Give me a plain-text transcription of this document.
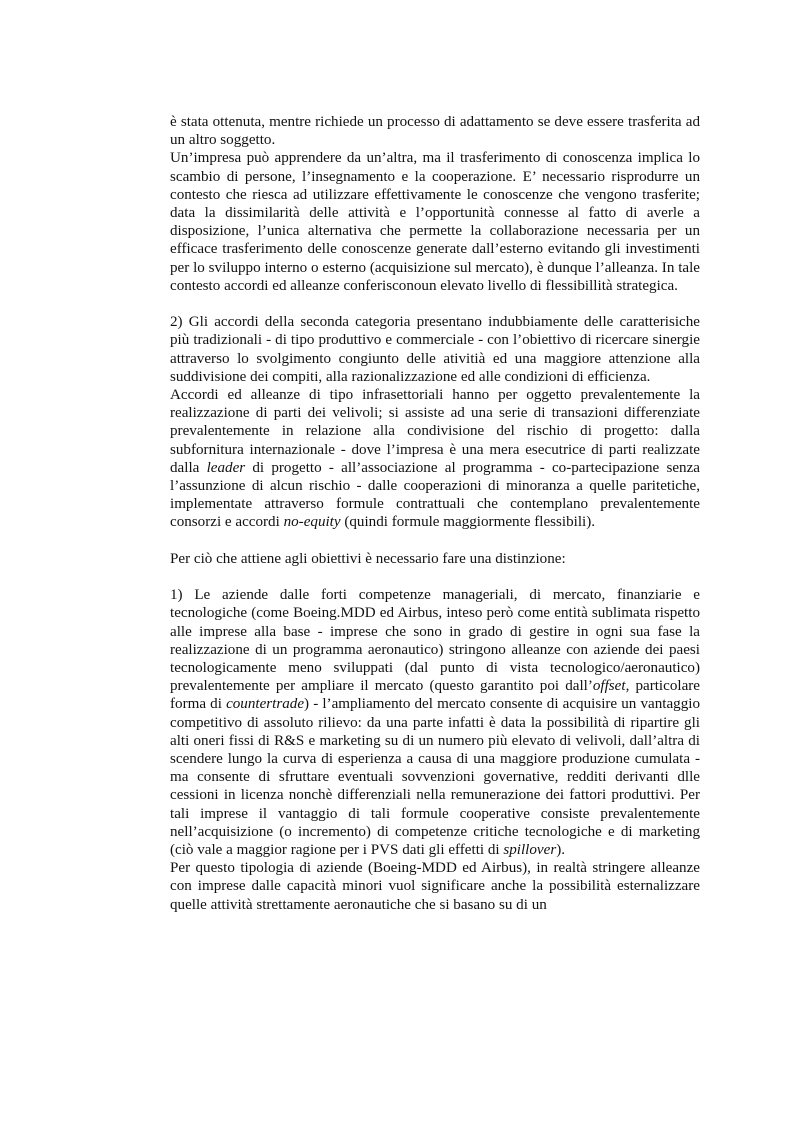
è stata ottenuta, mentre richiede un processo di adattamento se deve essere trasferita ad un altro soggetto.

Un’impresa può apprendere da un’altra, ma il trasferimento di conoscenza implica lo scambio di persone, l’insegnamento e la cooperazione. E’ necessario risprodurre un contesto che riesca ad utilizzare effettivamente le conoscenze che vengono trasferite; data la dissimilarità delle attività e l’opportunità connesse al fatto di averle a disposizione, l’unica alternativa che permette la collaborazione necessaria per un efficace trasferimento delle conoscenze generate dall’esterno evitando gli investimenti per lo sviluppo interno o esterno (acquisizione sul mercato), è dunque l’alleanza. In tale contesto accordi ed alleanze conferisconoun elevato livello di flessibillità strategica.

2) Gli accordi della seconda categoria presentano indubbiamente delle caratterisiche più tradizionali - di tipo produttivo e commerciale - con l’obiettivo di ricercare sinergie attraverso lo svolgimento congiunto delle ativitià ed una maggiore attenzione alla suddivisione dei compiti, alla razionalizzazione ed alle condizioni di efficienza.

Accordi ed alleanze di tipo infrasettoriali hanno per oggetto prevalentemente la realizzazione di parti dei velivoli; si assiste ad una serie di transazioni differenziate prevalentemente in relazione alla condivisione del rischio di progetto: dalla subfornitura internazionale - dove l’impresa è una mera esecutrice di parti realizzate dalla leader di progetto - all’associazione al programma - co-partecipazione senza l’assunzione di alcun rischio - dalle cooperazioni di minoranza a quelle paritetiche, implementate attraverso formule contrattuali che contemplano prevalentemente consorzi e accordi no-equity (quindi formule maggiormente flessibili).

Per ciò che attiene agli obiettivi è necessario fare una distinzione:

1) Le aziende dalle forti competenze manageriali, di mercato, finanziarie e tecnologiche (come Boeing.MDD ed Airbus, inteso però come entità sublimata rispetto alle imprese alla base - imprese che sono in grado di gestire in ogni sua fase la realizzazione di un programma aeronautico) stringono alleanze con aziende dei paesi tecnologicamente meno sviluppati (dal punto di vista tecnologico/aeronautico) prevalentemente per ampliare il mercato (questo garantito poi dall’offset, particolare forma di countertrade) - l’ampliamento del mercato consente di acquisire un vantaggio competitivo di assoluto rilievo: da una parte infatti è data la possibilità di ripartire gli alti oneri fissi di R&S e marketing su di un numero più elevato di velivoli, dall’altra di scendere lungo la curva di esperienza a causa di una maggiore produzione cumulata - ma consente di sfruttare eventuali sovvenzioni governative, redditi derivanti dlle cessioni in licenza nonchè differenziali nella remunerazione dei fattori produttivi. Per tali imprese il vantaggio di tali formule cooperative consiste prevalentemente nell’acquisizione (o incremento) di competenze critiche tecnologiche e di marketing (ciò vale a maggior ragione per i PVS dati gli effetti di spillover).

Per questo tipologia di aziende (Boeing-MDD ed Airbus), in realtà stringere alleanze con imprese dalle capacità minori vuol significare anche la possibilità esternalizzare quelle attività strettamente aeronautiche che si basano su di un
